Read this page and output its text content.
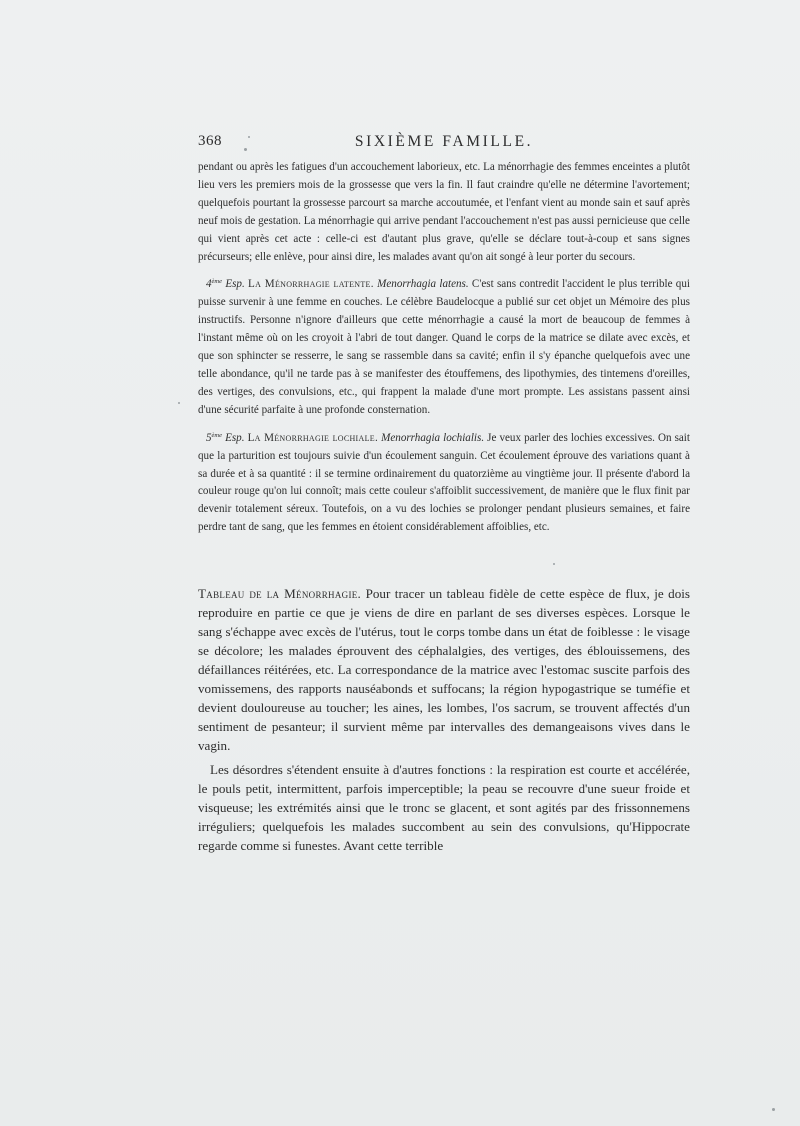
368	SIXIÈME FAMILLE.

pendant ou après les fatigues d'un accouchement laborieux, etc. La ménorrhagie des femmes enceintes a plutôt lieu vers les premiers mois de la grossesse que vers la fin. Il faut craindre qu'elle ne détermine l'avortement; quelquefois pourtant la grossesse parcourt sa marche accoutumée, et l'enfant vient au monde sain et sauf après neuf mois de gestation. La ménorrhagie qui arrive pendant l'accouchement n'est pas aussi pernicieuse que celle qui vient après cet acte : celle-ci est d'autant plus grave, qu'elle se déclare tout-à-coup et sans signes précurseurs; elle enlève, pour ainsi dire, les malades avant qu'on ait songé à leur porter du secours.

4ème Esp. La Ménorrhagie latente. Menorrhagia latens. C'est sans contredit l'accident le plus terrible qui puisse survenir à une femme en couches. Le célèbre Baudelocque a publié sur cet objet un Mémoire des plus instructifs. Personne n'ignore d'ailleurs que cette ménorrhagie a causé la mort de beaucoup de femmes à l'instant même où on les croyoit à l'abri de tout danger. Quand le corps de la matrice se dilate avec excès, et que son sphincter se resserre, le sang se rassemble dans sa cavité; enfin il s'y épanche quelquefois avec une telle abondance, qu'il ne tarde pas à se manifester des étouffemens, des lipothymies, des tintemens d'oreilles, des vertiges, des convulsions, etc., qui frappent la malade d'une mort prompte. Les assistans passent ainsi d'une sécurité parfaite à une profonde consternation.

5ème Esp. La Ménorrhagie lochiale. Menorrhagia lochialis. Je veux parler des lochies excessives. On sait que la parturition est toujours suivie d'un écoulement sanguin. Cet écoulement éprouve des variations quant à sa durée et à sa quantité : il se termine ordinairement du quatorzième au vingtième jour. Il présente d'abord la couleur rouge qu'on lui connoît; mais cette couleur s'affoiblit successivement, de manière que le flux finit par devenir totalement séreux. Toutefois, on a vu des lochies se prolonger pendant plusieurs semaines, et faire perdre tant de sang, que les femmes en étoient considérablement affoiblies, etc.

Tableau de la Ménorrhagie. Pour tracer un tableau fidèle de cette espèce de flux, je dois reproduire en partie ce que je viens de dire en parlant de ses diverses espèces. Lorsque le sang s'échappe avec excès de l'utérus, tout le corps tombe dans un état de foiblesse : le visage se décolore; les malades éprouvent des céphalalgies, des vertiges, des éblouissemens, des défaillances réitérées, etc. La correspondance de la matrice avec l'estomac suscite parfois des vomissemens, des rapports nauséabonds et suffocans; la région hypogastrique se tuméfie et devient douloureuse au toucher; les aines, les lombes, l'os sacrum, se trouvent affectés d'un sentiment de pesanteur; il survient même par intervalles des demangeaisons vives dans le vagin.

Les désordres s'étendent ensuite à d'autres fonctions : la respiration est courte et accélérée, le pouls petit, intermittent, parfois imperceptible; la peau se recouvre d'une sueur froide et visqueuse; les extrémités ainsi que le tronc se glacent, et sont agités par des frissonnemens irréguliers; quelquefois les malades succombent au sein des convulsions, qu'Hippocrate regarde comme si funestes. Avant cette terrible
